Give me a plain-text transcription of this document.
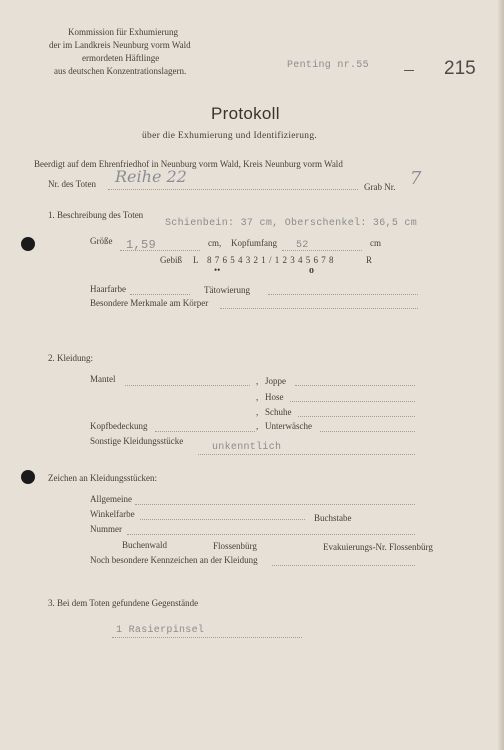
Kommission für Exhumierung
der im Landkreis Neunburg vorm Wald
ermordeten Häftlinge
aus deutschen Konzentrationslagern.	Penting nr.55	215
Protokoll
über die Exhumierung und Identifizierung.
Beerdigt auf dem Ehrenfriedhof in Neunburg vorm Wald, Kreis Neunburg vorm Wald
Nr. des Toten Reihe 22
Grab Nr. 7
1. Beschreibung des Toten
Schienbein: 37 cm, Oberschenkel: 36,5 cm
Größe 1,59	cm, Kopfumfang 52	cm
Gebiß L 8 7 6 5 4 3 2 1 / 1 2 3 4 5 6 7 8	R
••	o
Haarfarbe	Tätowierung
Besondere Merkmale am Körper
2. Kleidung:
Mantel	, Joppe
, Hose
, Schuhe
Kopfbedeckung	, Unterwäsche
Sonstige Kleidungsstücke
unkenntlich
Zeichen an Kleidungsstücken:
Allgemeine
Winkelfarbe	Buchstabe
Nummer
Buchenwald	Flossenbürg	Evakuierungs-Nr. Flossenbürg
Noch besondere Kennzeichen an der Kleidung
3. Bei dem Toten gefundene Gegenstände
1 Rasierpinsel
